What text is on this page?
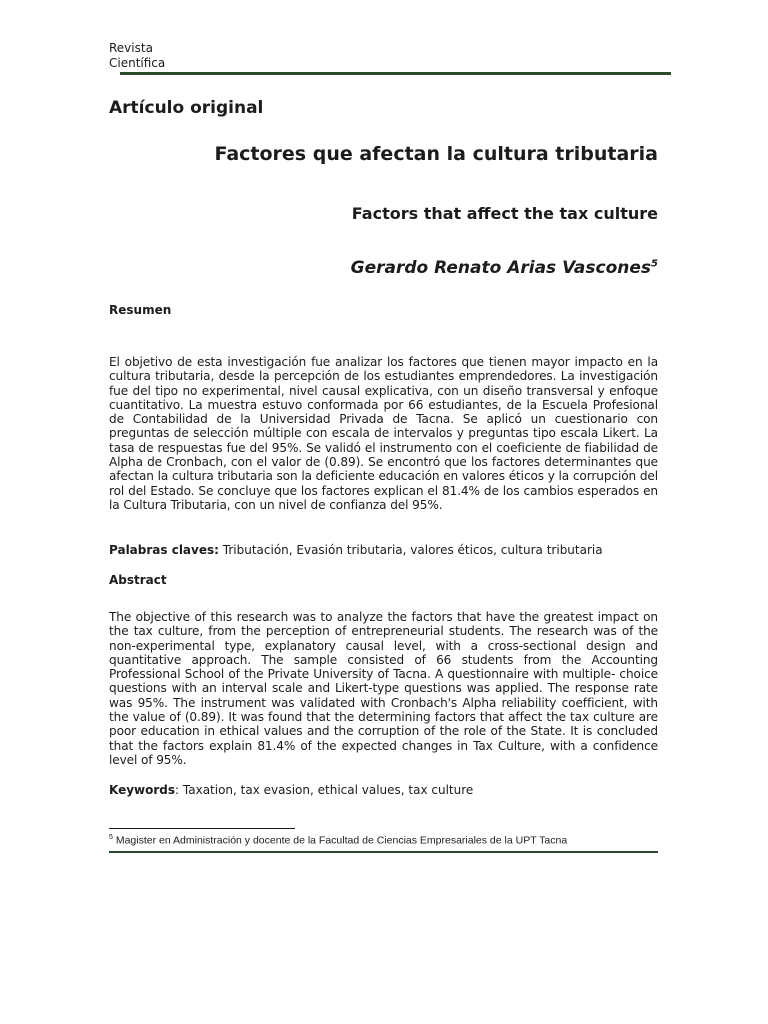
Revista Científica
Artículo original
Factores que afectan la cultura tributaria
Factors that affect the tax culture
Gerardo Renato Arias Vascones$^5$
Resumen

El objetivo de esta investigación fue analizar los factores que tienen mayor impacto en la cultura tributaria, desde la percepción de los estudiantes emprendedores. La investigación fue del tipo no experimental, nivel causal explicativa, con un diseño transversal y enfoque cuantitativo. La muestra estuvo conformada por 66 estudiantes, de la Escuela Profesional de Contabilidad de la Universidad Privada de Tacna. Se aplicó un cuestionario con preguntas de selección múltiple con escala de intervalos y preguntas tipo escala Likert. La tasa de respuestas fue del 95%. Se validó el instrumento con el coeficiente de fiabilidad de Alpha de Cronbach, con el valor de (0.89). Se encontró que los factores determinantes que afectan la cultura tributaria son la deficiente educación en valores éticos y la corrupción del rol del Estado. Se concluye que los factores explican el 81.4% de los cambios esperados en la Cultura Tributaria, con un nivel de confianza del 95%.

Palabras claves: Tributación, Evasión tributaria, valores éticos, cultura tributaria

Abstract

The objective of this research was to analyze the factors that have the greatest impact on the tax culture, from the perception of entrepreneurial students. The research was of the non-experimental type, explanatory causal level, with a cross-sectional design and quantitative approach. The sample consisted of 66 students from the Accounting Professional School of the Private University of Tacna. A questionnaire with multiple- choice questions with an interval scale and Likert-type questions was applied. The response rate was 95%. The instrument was validated with Cronbach's Alpha reliability coefficient, with the value of (0.89). It was found that the determining factors that affect the tax culture are poor education in ethical values and the corruption of the role of the State. It is concluded that the factors explain 81.4% of the expected changes in Tax Culture, with a confidence level of 95%.

Keywords: Taxation, tax evasion, ethical values, tax culture

$^5$ Magister en Administración y docente de la Facultad de Ciencias Empresariales de la UPT Tacna
